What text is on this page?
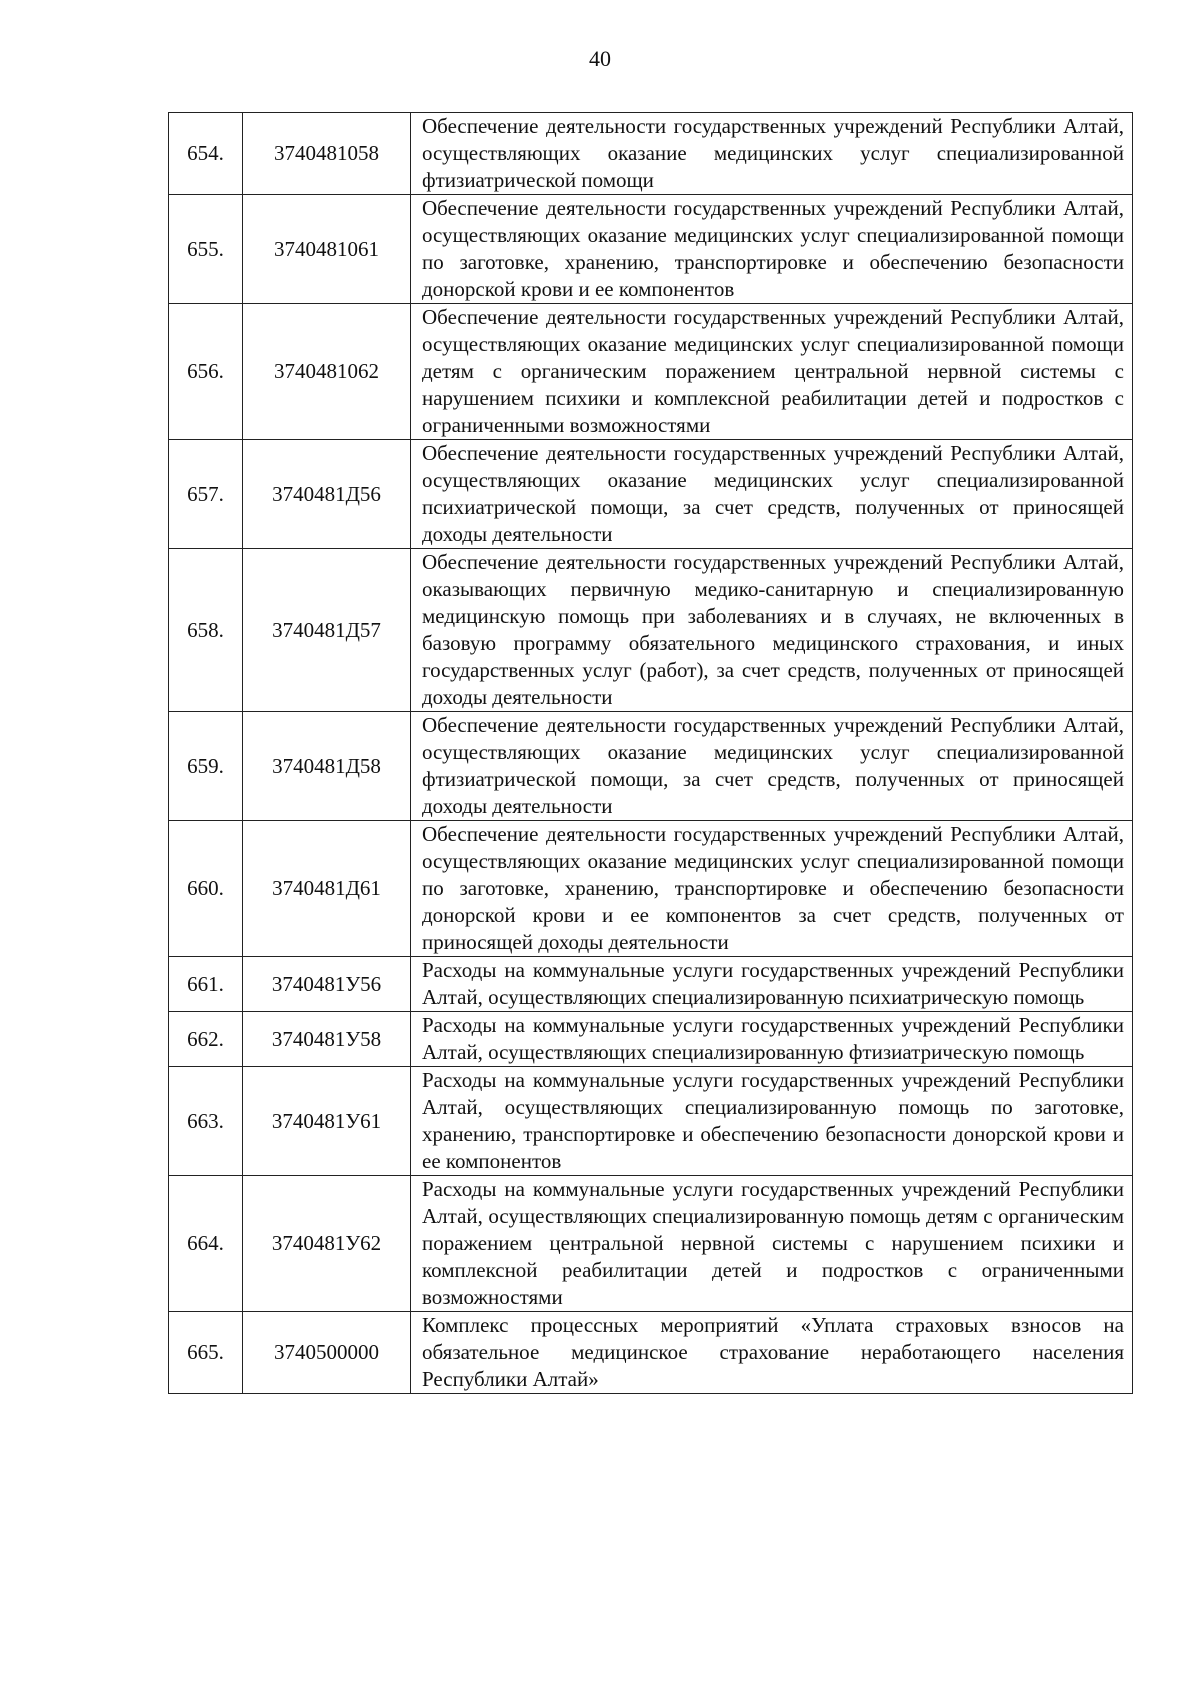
40
654.	3740481058	Обеспечение деятельности государственных учреждений Республики Алтай, осуществляющих оказание медицинских услуг специализированной фтизиатрической помощи
655.	3740481061	Обеспечение деятельности государственных учреждений Республики Алтай, осуществляющих оказание медицинских услуг специализированной помощи по заготовке, хранению, транспортировке и обеспечению безопасности донорской крови и ее компонентов
656.	3740481062	Обеспечение деятельности государственных учреждений Республики Алтай, осуществляющих оказание медицинских услуг специализированной помощи детям с органическим поражением центральной нервной системы с нарушением психики и комплексной реабилитации детей и подростков с ограниченными возможностями
657.	3740481Д56	Обеспечение деятельности государственных учреждений Республики Алтай, осуществляющих оказание медицинских услуг специализированной психиатрической помощи, за счет средств, полученных от приносящей доходы деятельности
658.	3740481Д57	Обеспечение деятельности государственных учреждений Республики Алтай, оказывающих первичную медико-санитарную и специализированную медицинскую помощь при заболеваниях и в случаях, не включенных в базовую программу обязательного медицинского страхования, и иных государственных услуг (работ), за счет средств, полученных от приносящей доходы деятельности
659.	3740481Д58	Обеспечение деятельности государственных учреждений Республики Алтай, осуществляющих оказание медицинских услуг специализированной фтизиатрической помощи, за счет средств, полученных от приносящей доходы деятельности
660.	3740481Д61	Обеспечение деятельности государственных учреждений Республики Алтай, осуществляющих оказание медицинских услуг специализированной помощи по заготовке, хранению, транспортировке и обеспечению безопасности донорской крови и ее компонентов за счет средств, полученных от приносящей доходы деятельности
661.	3740481У56	Расходы на коммунальные услуги государственных учреждений Республики Алтай, осуществляющих специализированную психиатрическую помощь
662.	3740481У58	Расходы на коммунальные услуги государственных учреждений Республики Алтай, осуществляющих специализированную фтизиатрическую помощь
663.	3740481У61	Расходы на коммунальные услуги государственных учреждений Республики Алтай, осуществляющих специализированную помощь по заготовке, хранению, транспортировке и обеспечению безопасности донорской крови и ее компонентов
664.	3740481У62	Расходы на коммунальные услуги государственных учреждений Республики Алтай, осуществляющих специализированную помощь детям с органическим поражением центральной нервной системы с нарушением психики и комплексной реабилитации детей и подростков с ограниченными возможностями
665.	3740500000	Комплекс процессных мероприятий «Уплата страховых взносов на обязательное медицинское страхование неработающего населения Республики Алтай»
